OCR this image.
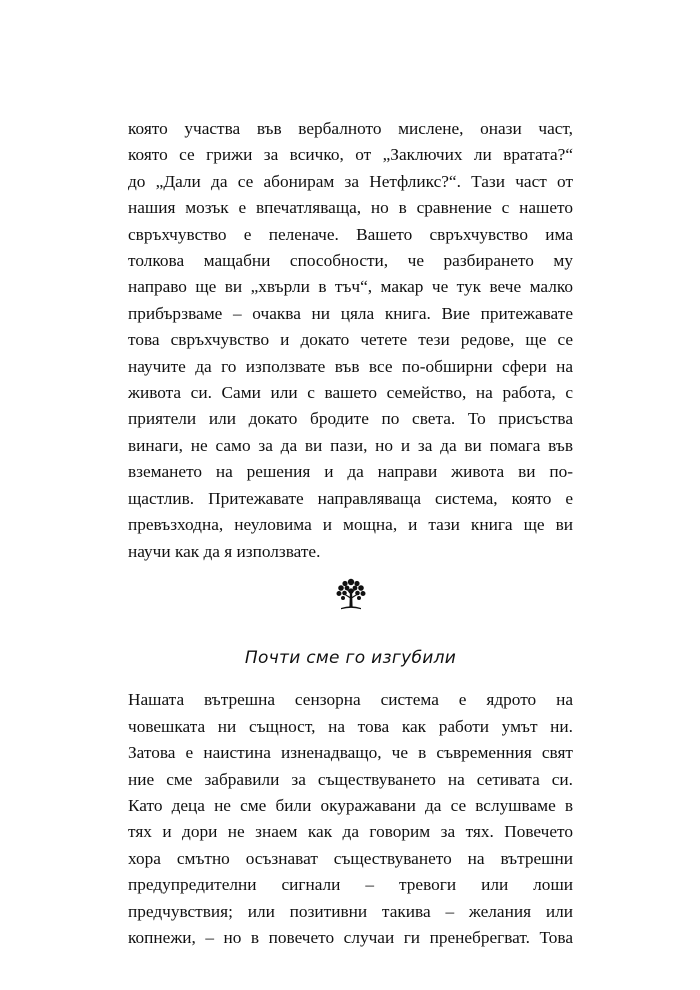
която участва във вербалното мислене, онази част,
която се грижи за всичко, от „Заключих ли вратата?“
до „Дали да се абонирам за Нетфликс?“. Тази част от
нашия мозък е впечатляваща, но в сравнение с нашето
свръхчувство е пеленаче. Вашето свръхчувство има
толкова мащабни способности, че разбирането му
направо ще ви „хвърли в тъч“, макар че тук вече малко
прибързваме – очаква ни цяла книга. Вие притежавате
това свръхчувство и докато четете тези редове, ще се
научите да го използвате във все по-обширни сфери на
живота си. Сами или с вашето семейство, на работа, с
приятели или докато бродите по света. То присъства
винаги, не само за да ви пази, но и за да ви помага във
вземането на решения и да направи живота ви по-
щастлив. Притежавате направляваща система, която е
превъзходна, неуловима и мощна, и тази книга ще ви
научи как да я използвате.
Почти сме го изгубили
Нашата вътрешна сензорна система е ядрото на
човешката ни същност, на това как работи умът ни.
Затова е наистина изненадващо, че в съвременния свят
ние сме забравили за съществуването на сетивата си.
Като деца не сме били окуражавани да се вслушваме в
тях и дори не знаем как да говорим за тях. Повечето
хора смътно осъзнават съществуването на вътрешни
предупредителни сигнали – тревоги или лоши
предчувствия; или позитивни такива – желания или
копнежи, – но в повечето случаи ги пренебрегват. Това
